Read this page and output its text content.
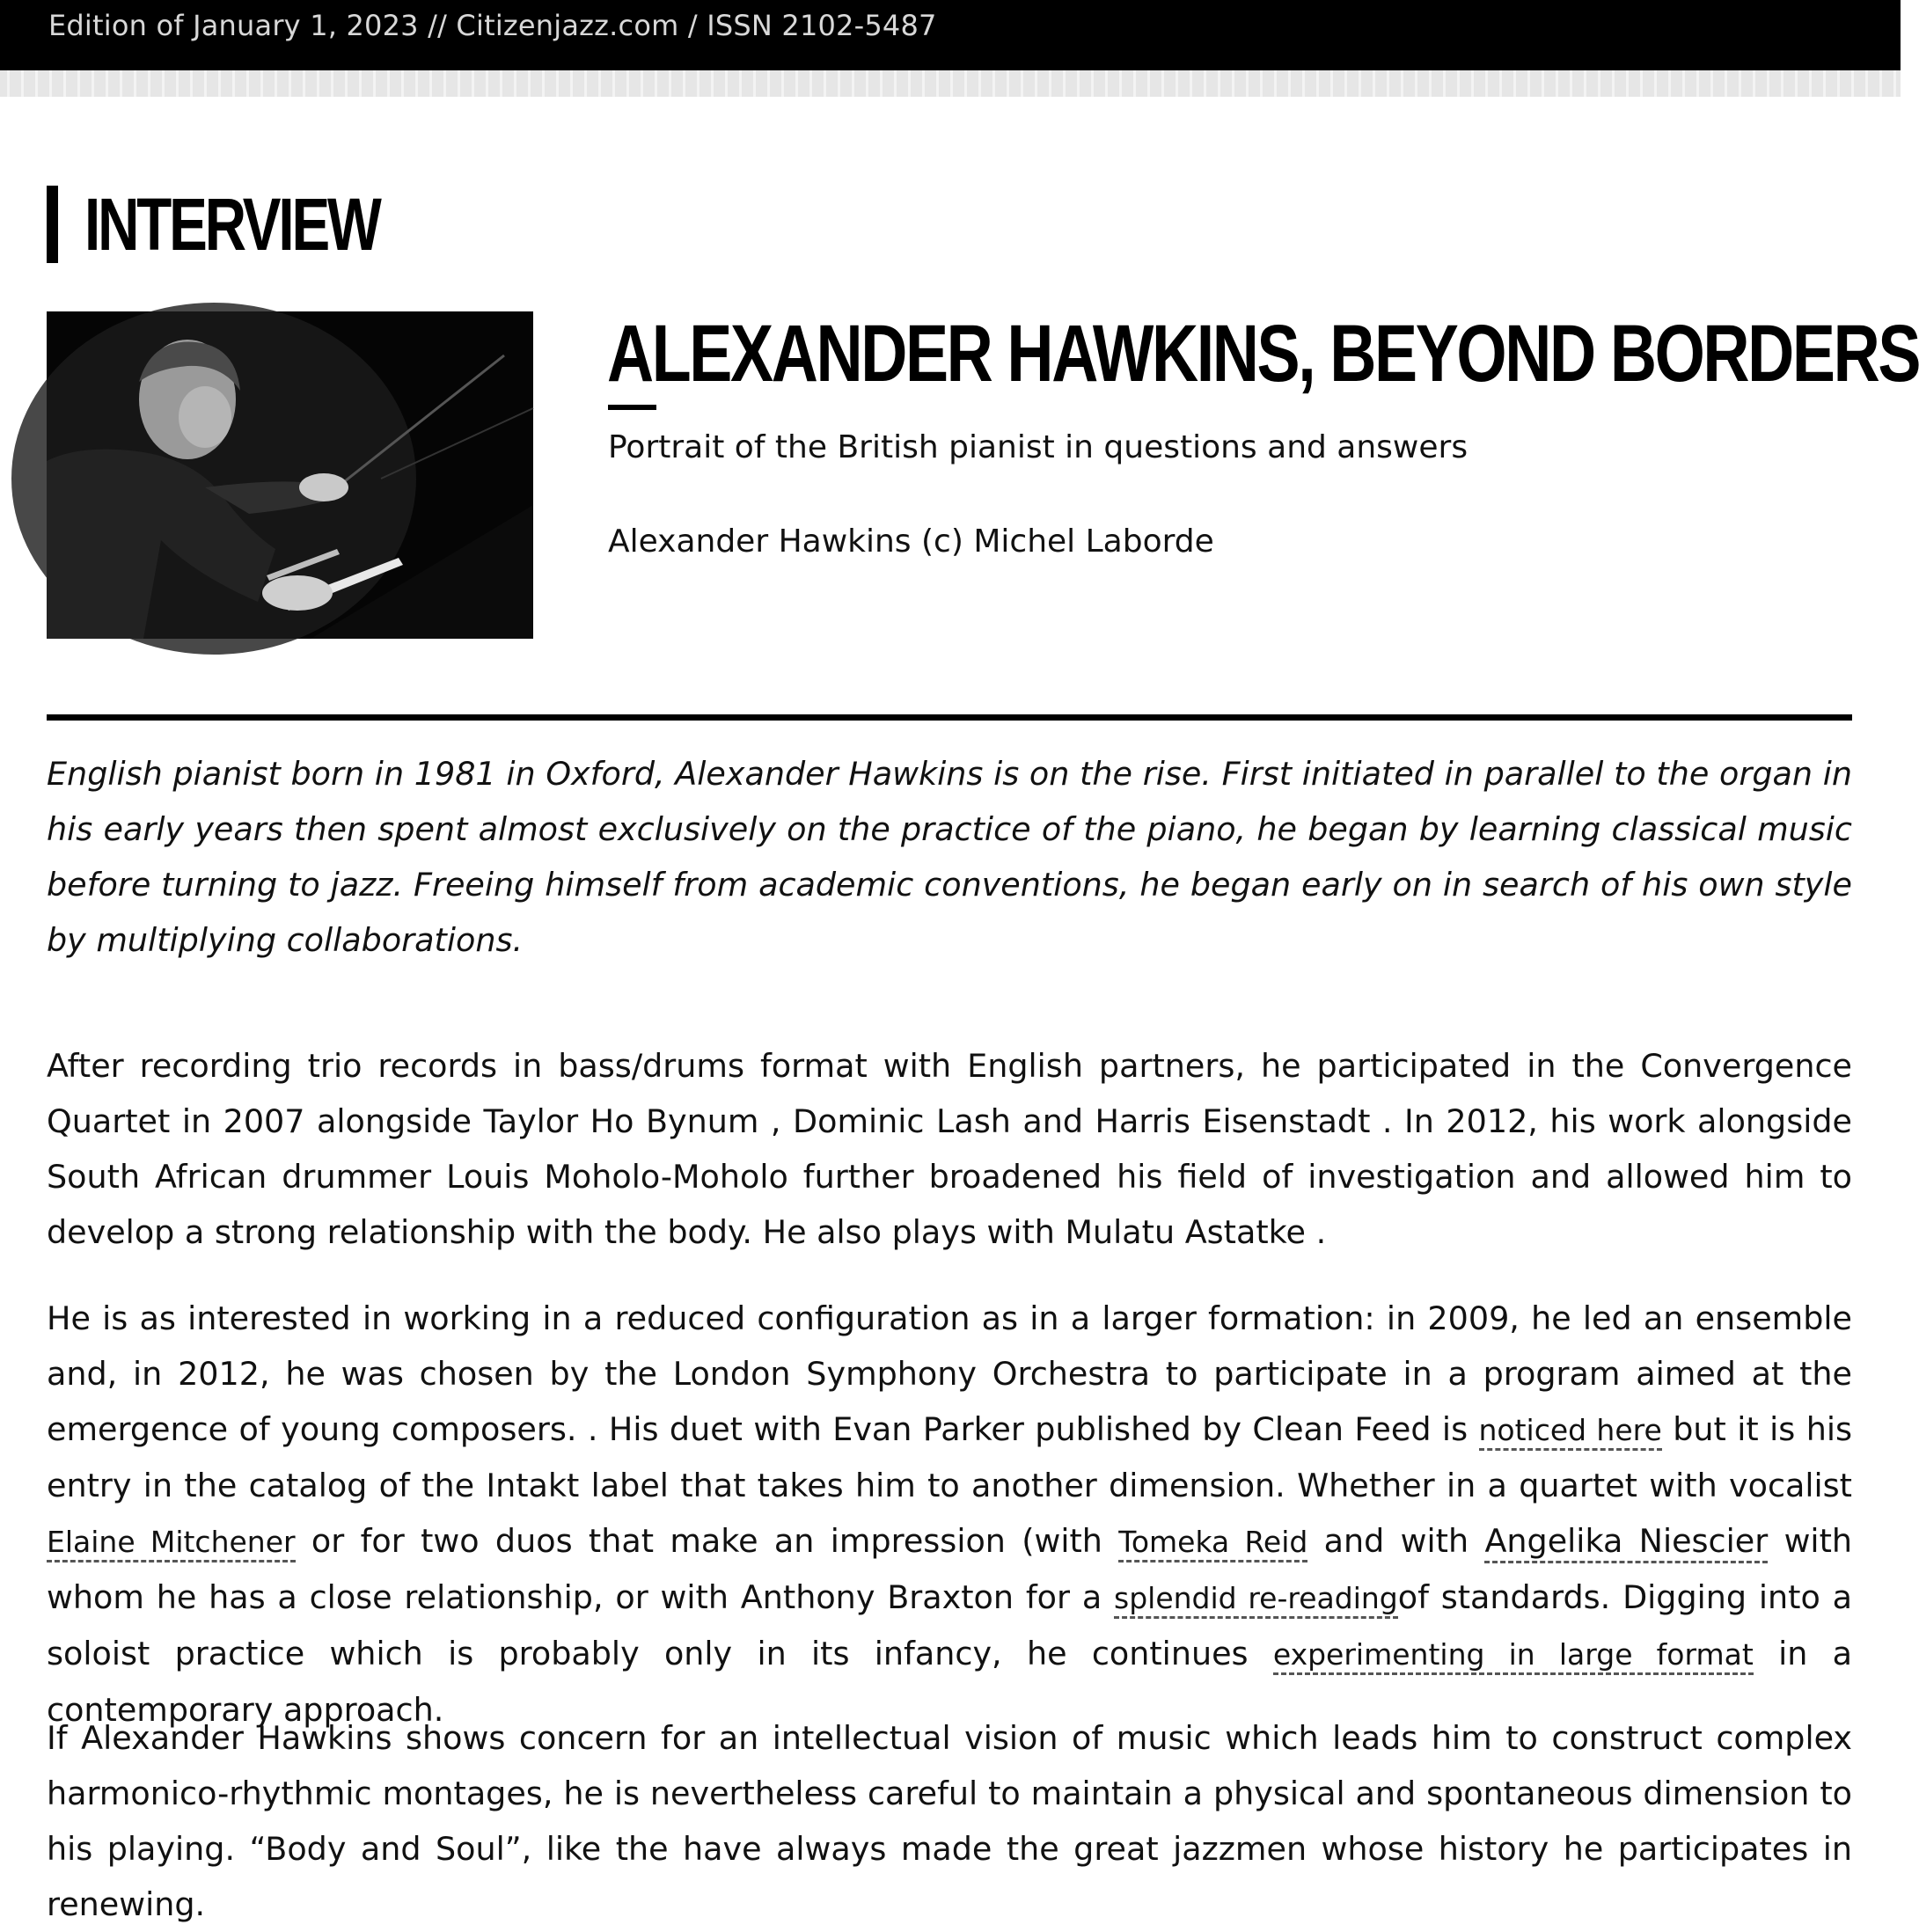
Edition of January 1, 2023 // Citizenjazz.com / ISSN 2102-5487
INTERVIEW
ALEXANDER HAWKINS, BEYOND BORDERS
Portrait of the British pianist in questions and answers
Alexander Hawkins (c) Michel Laborde

English pianist born in 1981 in Oxford, Alexander Hawkins is on the rise. First initiated in parallel to the organ in his early years then spent almost exclusively on the practice of the piano, he began by learning classical music before turning to jazz. Freeing himself from academic conventions, he began early on in search of his own style by multiplying collaborations.

After recording trio records in bass/drums format with English partners, he participated in the Convergence Quartet in 2007 alongside Taylor Ho Bynum , Dominic Lash and Harris Eisenstadt . In 2012, his work alongside South African drummer Louis Moholo-Moholo further broadened his field of investigation and allowed him to develop a strong relationship with the body. He also plays with Mulatu Astatke .

He is as interested in working in a reduced configuration as in a larger formation: in 2009, he led an ensemble and, in 2012, he was chosen by the London Symphony Orchestra to participate in a program aimed at the emergence of young composers. . His duet with Evan Parker published by Clean Feed is noticed here but it is his entry in the catalog of the Intakt label that takes him to another dimension. Whether in a quartet with vocalist Elaine Mitchener or for two duos that make an impression (with Tomeka Reid and with Angelika Niescier with whom he has a close relationship, or with Anthony Braxton for a splendid re-readingof standards. Digging into a soloist practice which is probably only in its infancy, he continues experimenting in large format in a contemporary approach.

If Alexander Hawkins shows concern for an intellectual vision of music which leads him to construct complex harmonico-rhythmic montages, he is nevertheless careful to maintain a physical and spontaneous dimension to his playing. “Body and Soul”, like the have always made the great jazzmen whose history he participates in renewing.
